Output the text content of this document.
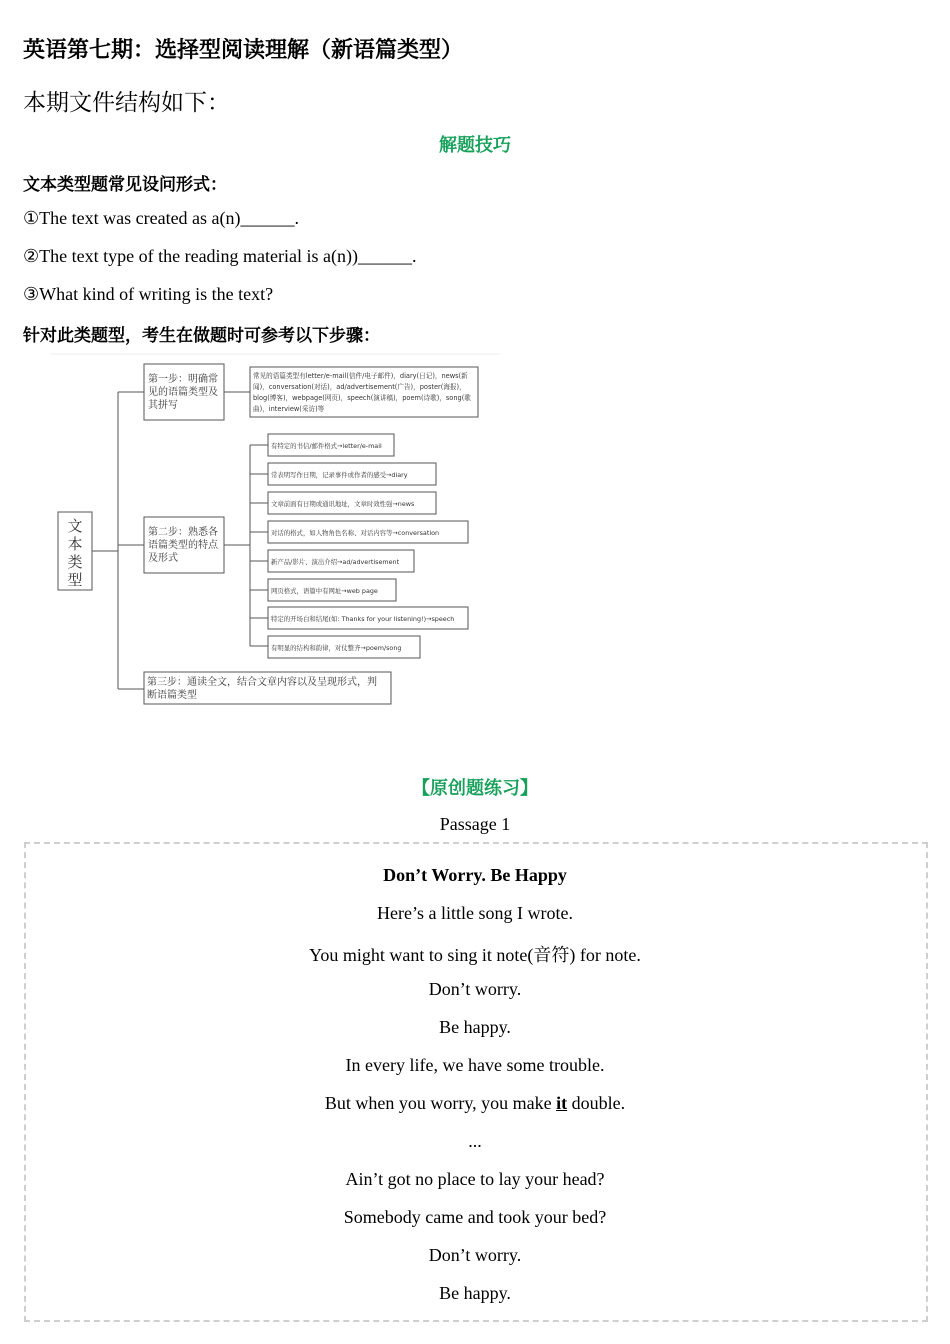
英语第七期：选择型阅读理解（新语篇类型）
本期文件结构如下：
解题技巧
文本类型题常见设问形式：
①The text was created as a(n)______.
②The text type of the reading material is a(n))______.
③What kind of writing is the text?
针对此类题型，考生在做题时可参考以下步骤：
文
本
类
型
第一步：明确常
见的语篇类型及
其拼写
常见的语篇类型有letter/e-mail(信件/电子邮件)，diary(日记)，news(新
闻)，conversation(对话)，ad/advertisement(广告)，poster(海报)，
blog(博客)，webpage(网页)，speech(演讲稿)，poem(诗歌)，song(歌
曲)，interview(采访)等
第二步：熟悉各
语篇类型的特点
及形式
有特定的书信/邮件格式→letter/e-mail
常表明写作日期，记录事件或作者的感受→diary
文章前面有日期或通讯地址，文章时效性强→news
对话的格式，如人物角色名称、对话内容等→conversation
新产品/影片、演出介绍→ad/advertisement
网页格式，语篇中有网址→web page
特定的开场白和结尾(如: Thanks for your listening!)→speech
有明显的结构和韵律，对仗整齐→poem/song
第三步：通读全文，结合文章内容以及呈现形式，判
断语篇类型
【原创题练习】
Passage 1
Don’t Worry. Be Happy
Here’s a little song I wrote.
You might want to sing it note(音符) for note.
Don’t worry.
Be happy.
In every life, we have some trouble.
But when you worry, you make it double.
...
Ain’t got no place to lay your head?
Somebody came and took your bed?
Don’t worry.
Be happy.
